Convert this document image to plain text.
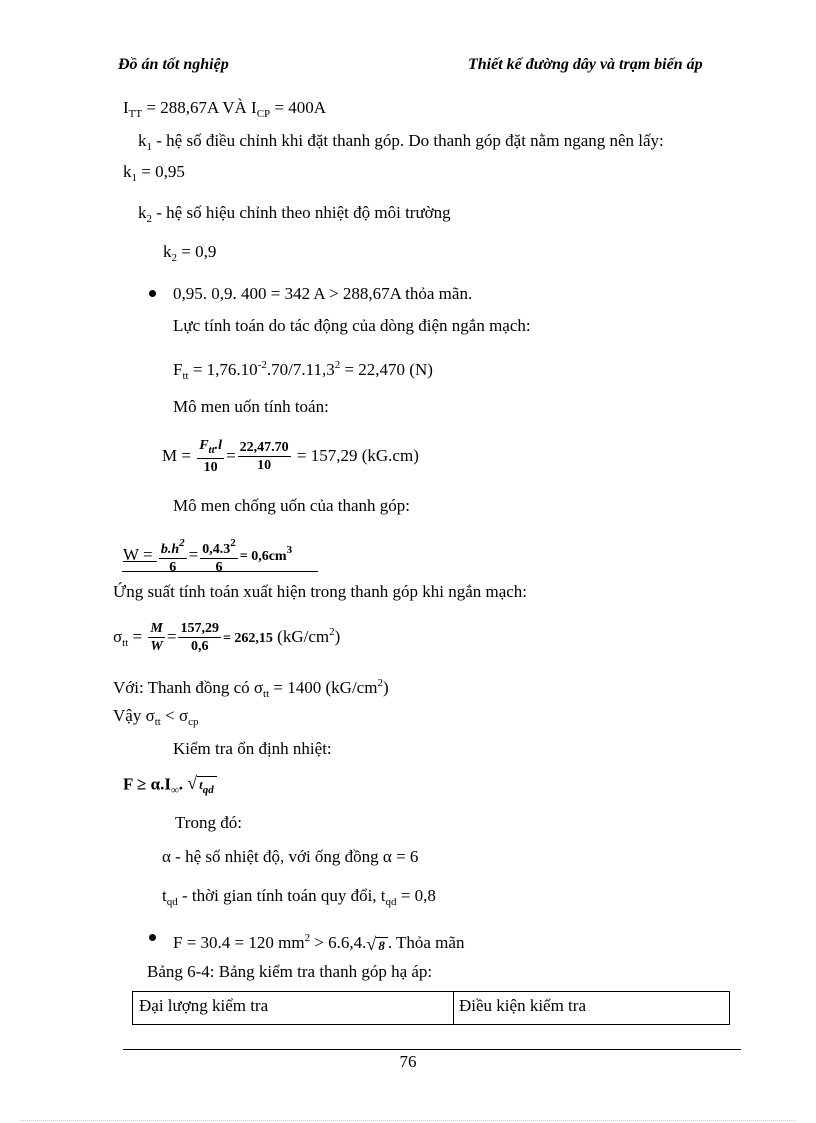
Đồ án tốt nghiệp	Thiết kế đường dây và trạm biến áp
$I_{TT} = 288,67A$ VÀ $I_{CP} = 400A$
$k_1$ - hệ số điều chỉnh khi đặt thanh góp. Do thanh góp đặt nằm ngang nên lấy:
$k_1 = 0,95$
$k_2$ - hệ số hiệu chỉnh theo nhiệt độ môi trường
$k_2 = 0,9$
0,95. 0,9. 400 = 342 A > 288,67A thỏa mãn.
Lực tính toán do tác động của dòng điện ngắn mạch:
$F_{tt} = 1,76.10^{-2}.70/7.11,3^2 = 22,470$ (N)
Mô men uốn tính toán:
$M = \frac{F_{tt}.l}{10} = \frac{22,47.70}{10} = 157,29$ (kG.cm)
Mô men chống uốn của thanh góp:
$W = \frac{b.h^2}{6} = \frac{0,4.3^2}{6} = 0,6cm^3$
Ứng suất tính toán xuất hiện trong thanh góp khi ngắn mạch:
$\sigma_{tt} = \frac{M}{W} = \frac{157,29}{0,6} = 262,15$ $(kG/cm^2)$
Với: Thanh đồng có $\sigma_{tt} = 1400$ $(kG/cm^2)$
Vậy $\sigma_{tt} < \sigma_{cp}$
Kiểm tra ổn định nhiệt:
$F \ge \alpha.I_\infty$. √ $t_{qd}$
Trong đó:
α - hệ số nhiệt độ, với ống đồng α = 6
$t_{qd}$ - thời gian tính toán quy đổi, $t_{qd} = 0,8$
F = 30.4 = 120 $mm^2 > 6.6,4.√$ 8 . Thỏa mãn
Bảng 6-4: Bảng kiểm tra thanh góp hạ áp:
Đại lượng kiểm tra	Điều kiện kiểm tra
76
